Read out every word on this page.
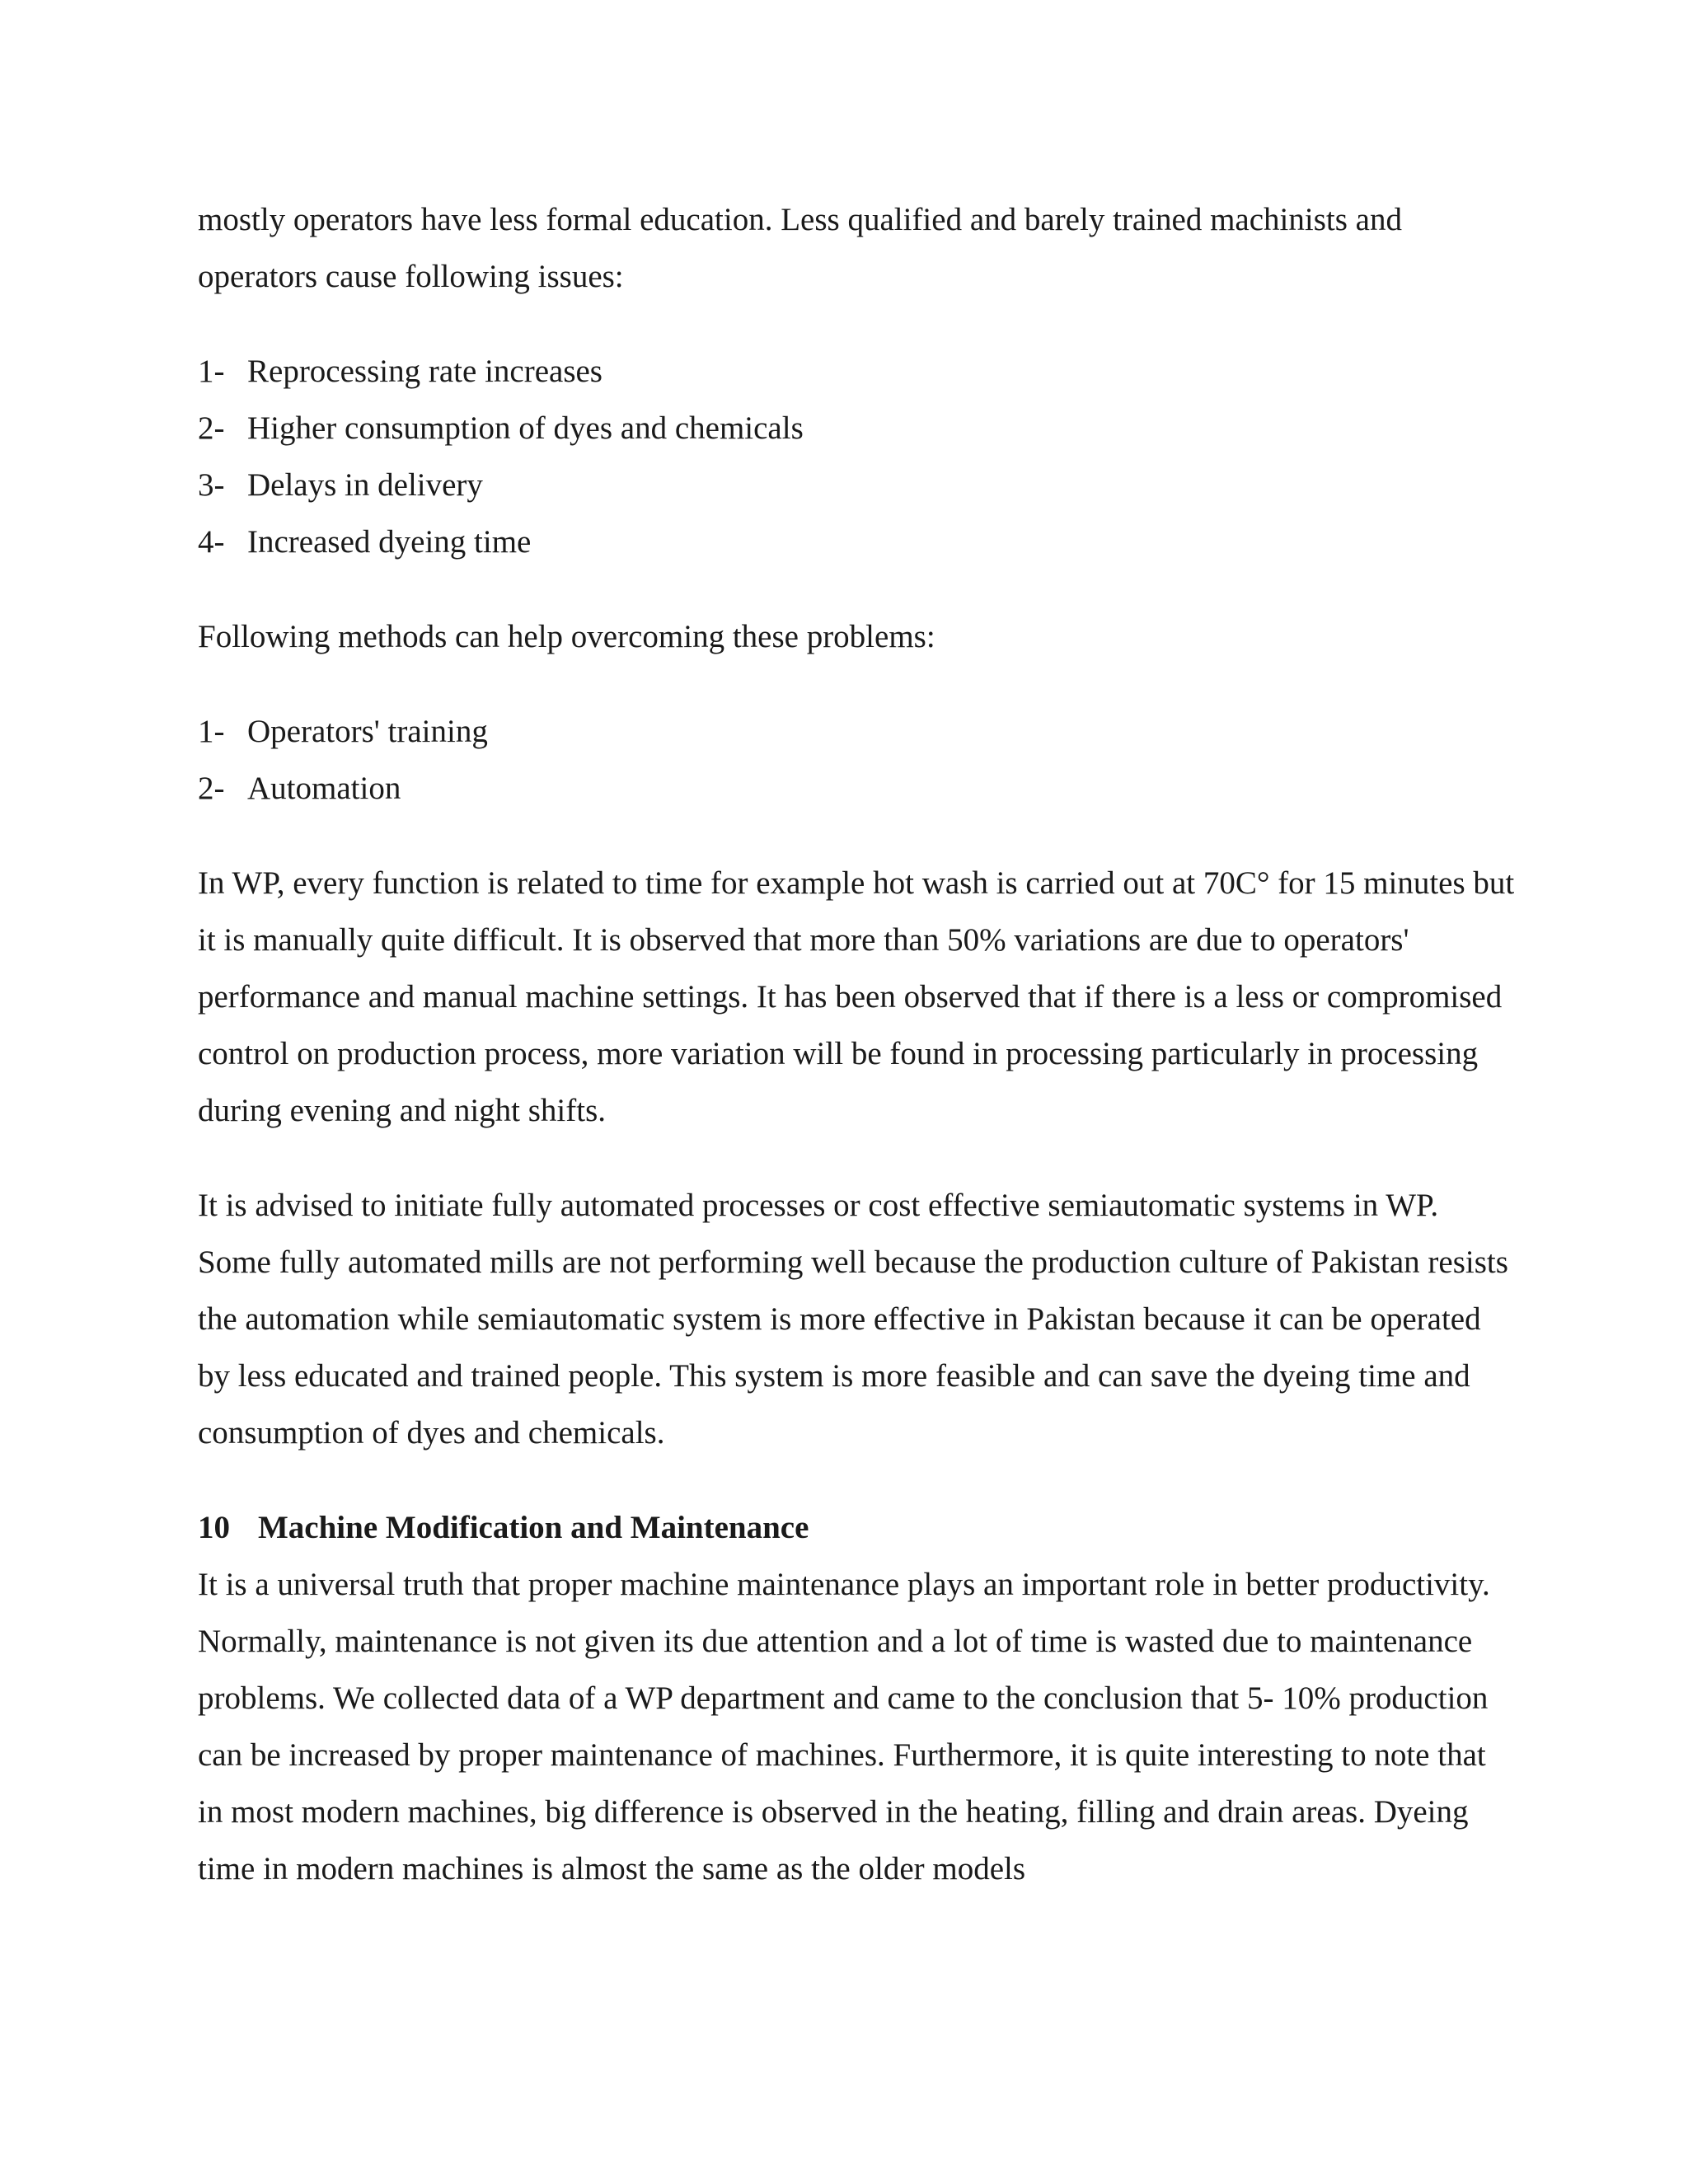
mostly operators have less formal education. Less qualified and barely trained machinists and operators cause following issues:

1- Reprocessing rate increases
2- Higher consumption of dyes and chemicals
3- Delays in delivery
4- Increased dyeing time

Following methods can help overcoming these problems:

1- Operators' training
2- Automation

In WP, every function is related to time for example hot wash is carried out at 70C° for 15 minutes but it is manually quite difficult. It is observed that more than 50% variations are due to operators' performance and manual machine settings. It has been observed that if there is a less or compromised control on production process, more variation will be found in processing particularly in processing during evening and night shifts.

It is advised to initiate fully automated processes or cost effective semiautomatic systems in WP. Some fully automated mills are not performing well because the production culture of Pakistan resists the automation while semiautomatic system is more effective in Pakistan because it can be operated by less educated and trained people. This system is more feasible and can save the dyeing time and consumption of dyes and chemicals.

10 Machine Modification and Maintenance

It is a universal truth that proper machine maintenance plays an important role in better productivity. Normally, maintenance is not given its due attention and a lot of time is wasted due to maintenance problems. We collected data of a WP department and came to the conclusion that 5- 10% production can be increased by proper maintenance of machines. Furthermore, it is quite interesting to note that in most modern machines, big difference is observed in the heating, filling and drain areas. Dyeing time in modern machines is almost the same as the older models
